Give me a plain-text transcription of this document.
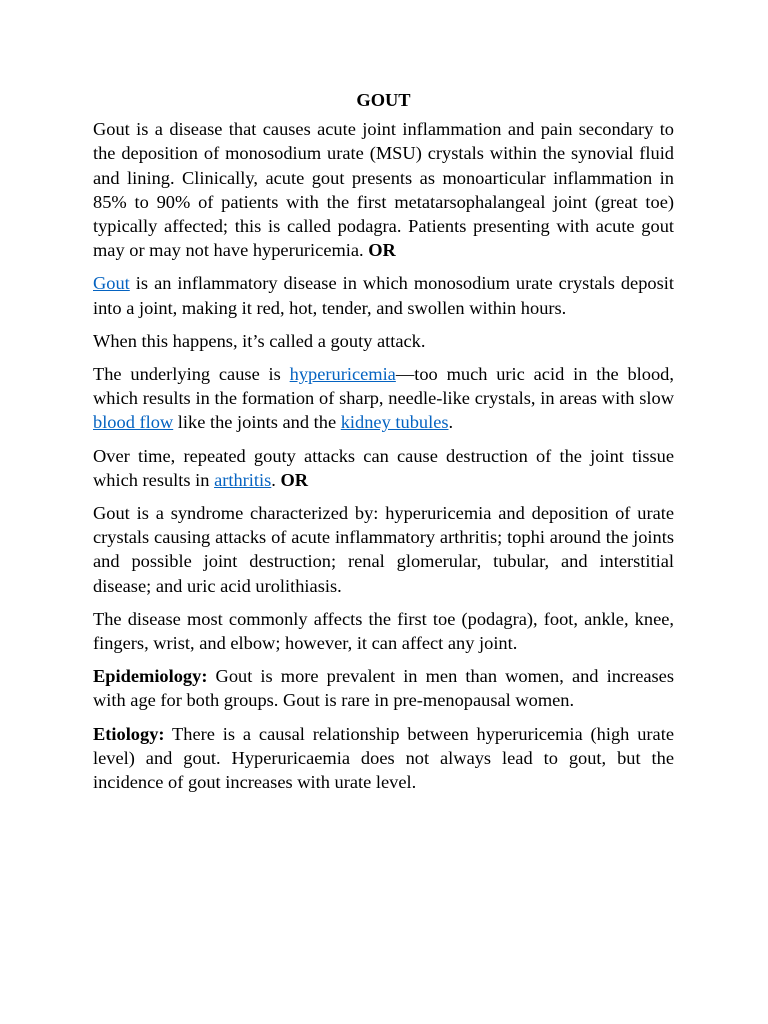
GOUT

Gout is a disease that causes acute joint inflammation and pain secondary to the deposition of monosodium urate (MSU) crystals within the synovial fluid and lining. Clinically, acute gout presents as monoarticular inflammation in 85% to 90% of patients with the first metatarsophalangeal joint (great toe) typically affected; this is called podagra. Patients presenting with acute gout may or may not have hyperuricemia. OR

Gout is an inflammatory disease in which monosodium urate crystals deposit into a joint, making it red, hot, tender, and swollen within hours.

When this happens, it’s called a gouty attack.

The underlying cause is hyperuricemia—too much uric acid in the blood, which results in the formation of sharp, needle-like crystals, in areas with slow blood flow like the joints and the kidney tubules.

Over time, repeated gouty attacks can cause destruction of the joint tissue which results in arthritis. OR

Gout is a syndrome characterized by: hyperuricemia and deposition of urate crystals causing attacks of acute inflammatory arthritis; tophi around the joints and possible joint destruction; renal glomerular, tubular, and interstitial disease; and uric acid urolithiasis.

The disease most commonly affects the first toe (podagra), foot, ankle, knee, fingers, wrist, and elbow; however, it can affect any joint.

Epidemiology: Gout is more prevalent in men than women, and increases with age for both groups. Gout is rare in pre-menopausal women.

Etiology: There is a causal relationship between hyperuricemia (high urate level) and gout. Hyperuricaemia does not always lead to gout, but the incidence of gout increases with urate level.
